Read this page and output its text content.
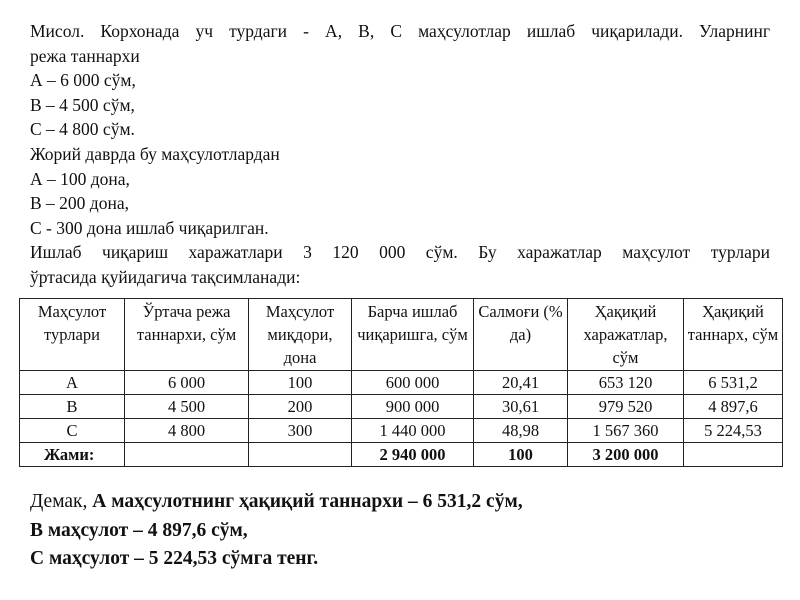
Мисол. Корхонада уч турдаги - А, В, С маҳсулотлар ишлаб чиқарилади. Уларнинг
режа таннархи
А – 6 000 сўм,
В – 4 500 сўм,
С – 4 800 сўм.
Жорий даврда бу маҳсулотлардан
А – 100 дона,
В – 200 дона,
С - 300 дона ишлаб чиқарилган.
Ишлаб чиқариш харажатлари 3 120 000 сўм. Бу харажатлар маҳсулот турлари
ўртасида қуйидагича тақсимланади:
Маҳсулот турлари	Ўртача режа таннархи, сўм	Маҳсулот миқдори, дона	Барча ишлаб чиқаришга, сўм	Салмоғи (% да)	Ҳақиқий харажатлар, сўм	Ҳақиқий таннарх, сўм
А	6 000	100	600 000	20,41	653 120	6 531,2
В	4 500	200	900 000	30,61	979 520	4 897,6
С	4 800	300	1 440 000	48,98	1 567 360	5 224,53
Жами:			2 940 000	100	3 200 000	
Демак, А маҳсулотнинг ҳақиқий таннархи – 6 531,2 сўм,
В маҳсулот – 4 897,6 сўм,
С маҳсулот – 5 224,53 сўмга тенг.
